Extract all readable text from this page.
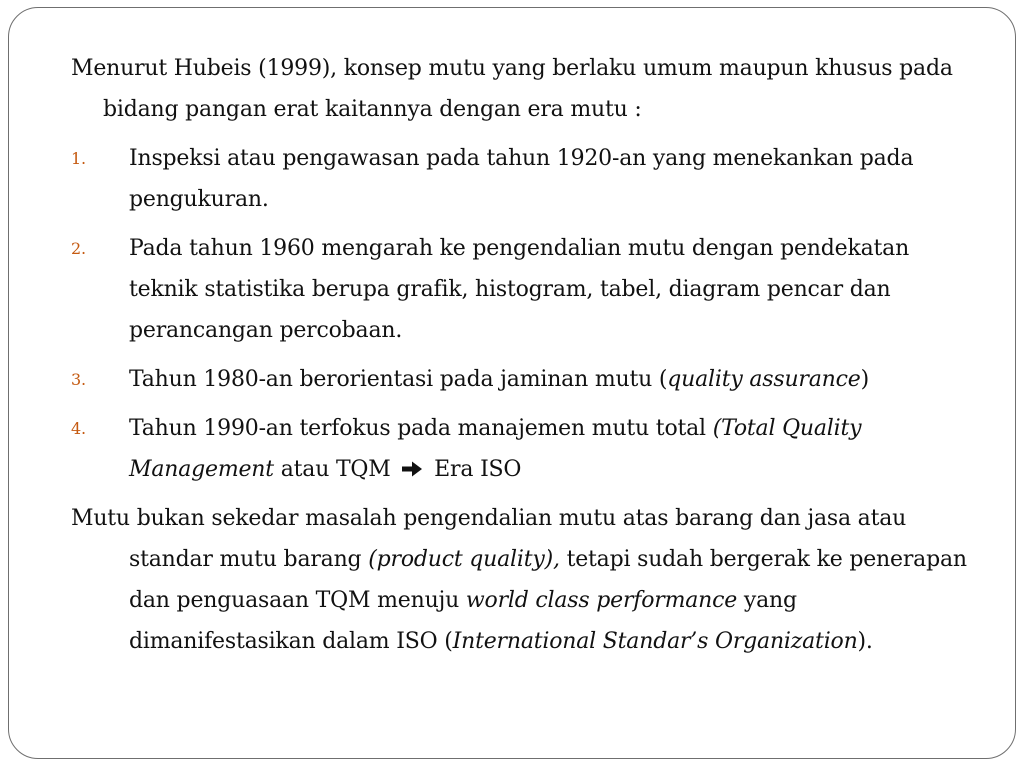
Menurut Hubeis (1999), konsep mutu yang berlaku umum maupun khusus pada bidang pangan erat kaitannya dengan era mutu :

1.	Inspeksi atau pengawasan pada tahun 1920-an yang menekankan pada pengukuran.
2.	Pada tahun 1960 mengarah ke pengendalian mutu dengan pendekatan teknik statistika berupa grafik, histogram, tabel, diagram pencar dan perancangan percobaan.
3.	Tahun 1980-an berorientasi pada jaminan mutu (quality assurance)
4.	Tahun 1990-an terfokus pada manajemen mutu total (Total Quality Management atau TQM  Era ISO

Mutu bukan sekedar masalah pengendalian mutu atas barang dan jasa atau standar mutu barang (product quality), tetapi sudah bergerak ke penerapan dan penguasaan TQM menuju world class performance yang dimanifestasikan dalam ISO (International Standar’s Organization).
